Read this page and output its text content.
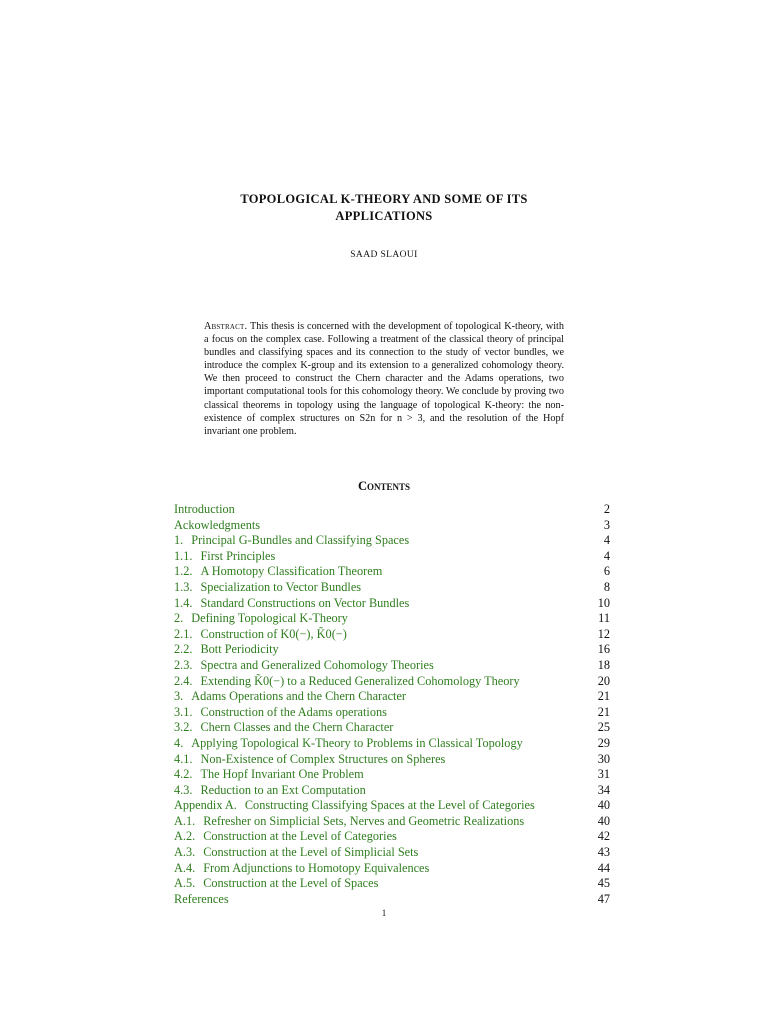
TOPOLOGICAL K-THEORY AND SOME OF ITS
APPLICATIONS

SAAD SLAOUI

Abstract. This thesis is concerned with the development of topological K-theory, with a focus on the complex case. Following a treatment of the classical theory of principal bundles and classifying spaces and its connection to the study of vector bundles, we introduce the complex K-group and its extension to a generalized cohomology theory. We then proceed to construct the Chern character and the Adams operations, two important computational tools for this cohomology theory. We conclude by proving two classical theorems in topology using the language of topological K-theory: the non-existence of complex structures on S2n for n > 3, and the resolution of the Hopf invariant one problem.

Contents
Introduction	2
Ackowledgments	3
1. Principal G-Bundles and Classifying Spaces	4
1.1. First Principles	4
1.2. A Homotopy Classification Theorem	6
1.3. Specialization to Vector Bundles	8
1.4. Standard Constructions on Vector Bundles	10
2. Defining Topological K-Theory	11
2.1. Construction of K0(−), K̃0(−)	12
2.2. Bott Periodicity	16
2.3. Spectra and Generalized Cohomology Theories	18
2.4. Extending K̃0(−) to a Reduced Generalized Cohomology Theory	20
3. Adams Operations and the Chern Character	21
3.1. Construction of the Adams operations	21
3.2. Chern Classes and the Chern Character	25
4. Applying Topological K-Theory to Problems in Classical Topology	29
4.1. Non-Existence of Complex Structures on Spheres	30
4.2. The Hopf Invariant One Problem	31
4.3. Reduction to an Ext Computation	34
Appendix A. Constructing Classifying Spaces at the Level of Categories	40
A.1. Refresher on Simplicial Sets, Nerves and Geometric Realizations	40
A.2. Construction at the Level of Categories	42
A.3. Construction at the Level of Simplicial Sets	43
A.4. From Adjunctions to Homotopy Equivalences	44
A.5. Construction at the Level of Spaces	45
References	47

1
